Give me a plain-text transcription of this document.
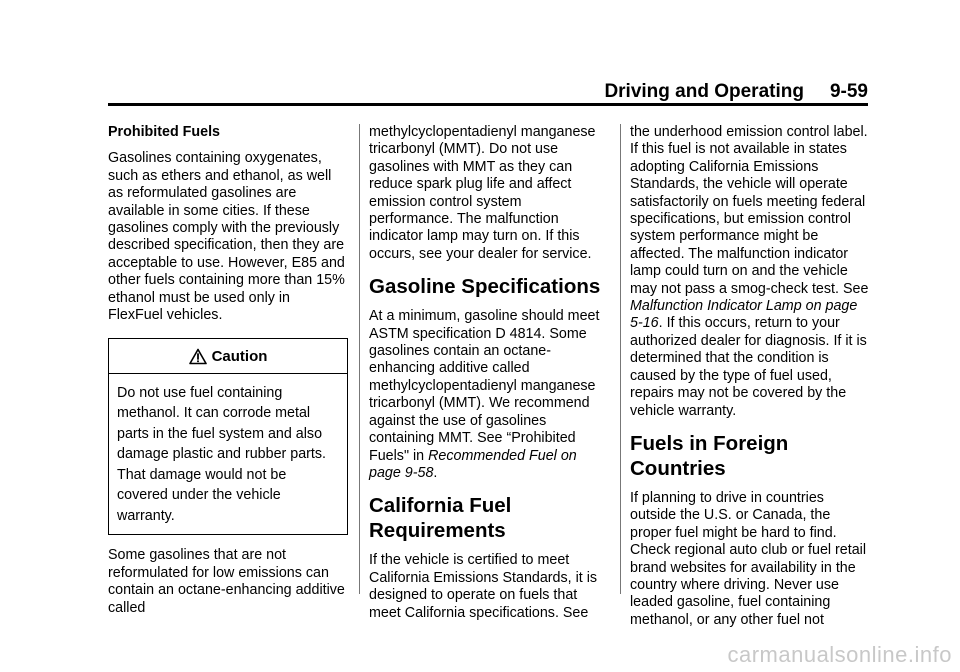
Driving and Operating 9-59

Prohibited Fuels

Gasolines containing oxygenates, such as ethers and ethanol, as well as reformulated gasolines are available in some cities. If these gasolines comply with the previously described specification, then they are acceptable to use. However, E85 and other fuels containing more than 15% ethanol must be used only in FlexFuel vehicles.

Caution
Do not use fuel containing methanol. It can corrode metal parts in the fuel system and also damage plastic and rubber parts. That damage would not be covered under the vehicle warranty.

Some gasolines that are not reformulated for low emissions can contain an octane-enhancing additive called

methylcyclopentadienyl manganese tricarbonyl (MMT). Do not use gasolines with MMT as they can reduce spark plug life and affect emission control system performance. The malfunction indicator lamp may turn on. If this occurs, see your dealer for service.

Gasoline Specifications

At a minimum, gasoline should meet ASTM specification D 4814. Some gasolines contain an octane-enhancing additive called methylcyclopentadienyl manganese tricarbonyl (MMT). We recommend against the use of gasolines containing MMT. See “Prohibited Fuels" in Recommended Fuel on page 9-58.

California Fuel Requirements

If the vehicle is certified to meet California Emissions Standards, it is designed to operate on fuels that meet California specifications. See

the underhood emission control label. If this fuel is not available in states adopting California Emissions Standards, the vehicle will operate satisfactorily on fuels meeting federal specifications, but emission control system performance might be affected. The malfunction indicator lamp could turn on and the vehicle may not pass a smog-check test. See Malfunction Indicator Lamp on page 5-16. If this occurs, return to your authorized dealer for diagnosis. If it is determined that the condition is caused by the type of fuel used, repairs may not be covered by the vehicle warranty.

Fuels in Foreign Countries

If planning to drive in countries outside the U.S. or Canada, the proper fuel might be hard to find. Check regional auto club or fuel retail brand websites for availability in the country where driving. Never use leaded gasoline, fuel containing methanol, or any other fuel not

carmanualsonline.info
